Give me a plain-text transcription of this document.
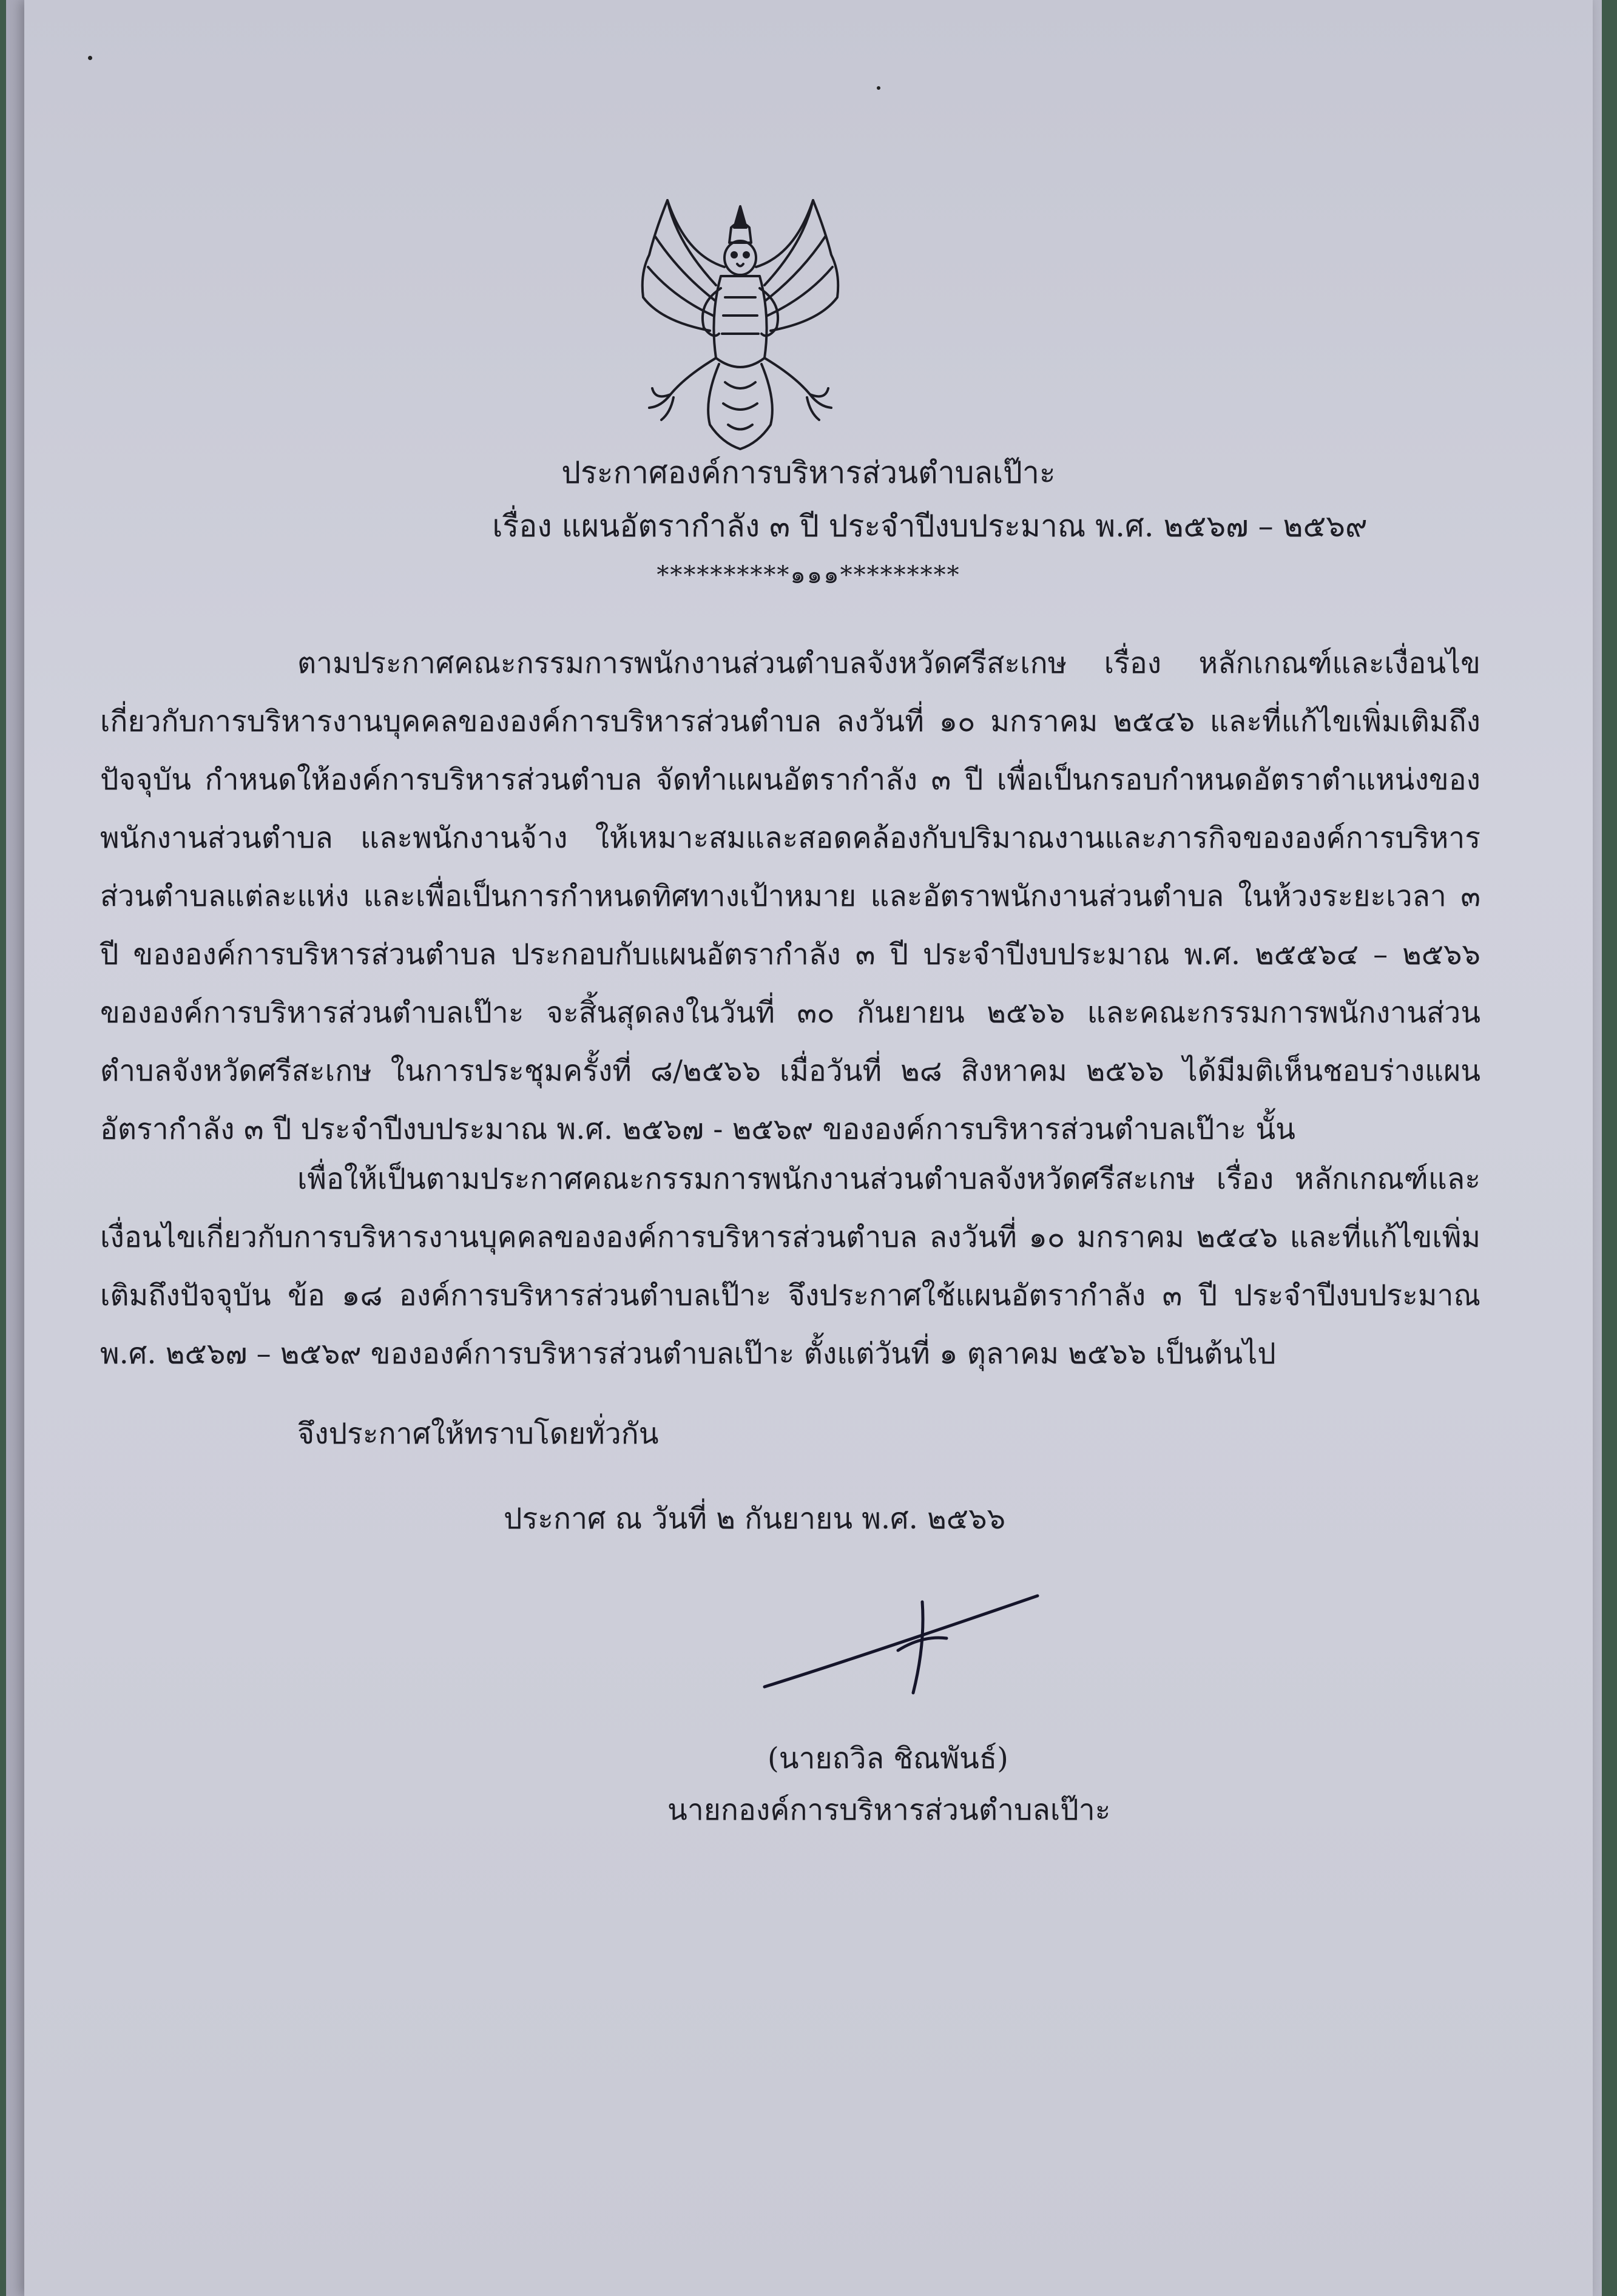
ประกาศองค์การบริหารส่วนตำบลเป๊าะ
เรื่อง แผนอัตรากำลัง ๓ ปี ประจำปีงบประมาณ พ.ศ. ๒๕๖๗ – ๒๕๖๙
**********๑๑๑*********

ตามประกาศคณะกรรมการพนักงานส่วนตำบลจังหวัดศรีสะเกษ เรื่อง หลักเกณฑ์และเงื่อนไขเกี่ยวกับการบริหารงานบุคคลขององค์การบริหารส่วนตำบล ลงวันที่ ๑๐ มกราคม ๒๕๔๖ และที่แก้ไขเพิ่มเติมถึงปัจจุบัน กำหนดให้องค์การบริหารส่วนตำบล จัดทำแผนอัตรากำลัง ๓ ปี เพื่อเป็นกรอบกำหนดอัตราตำแหน่งของพนักงานส่วนตำบล และพนักงานจ้าง ให้เหมาะสมและสอดคล้องกับปริมาณงานและภารกิจขององค์การบริหารส่วนตำบลแต่ละแห่ง และเพื่อเป็นการกำหนดทิศทางเป้าหมาย และอัตราพนักงานส่วนตำบล ในห้วงระยะเวลา ๓ ปี ขององค์การบริหารส่วนตำบล ประกอบกับแผนอัตรากำลัง ๓ ปี ประจำปีงบประมาณ พ.ศ. ๒๕๕๖๔ – ๒๕๖๖ ขององค์การบริหารส่วนตำบลเป๊าะ จะสิ้นสุดลงในวันที่ ๓๐ กันยายน ๒๕๖๖ และคณะกรรมการพนักงานส่วนตำบลจังหวัดศรีสะเกษ ในการประชุมครั้งที่ ๘/๒๕๖๖ เมื่อวันที่ ๒๘ สิงหาคม ๒๕๖๖ ได้มีมติเห็นชอบร่างแผนอัตรากำลัง ๓ ปี ประจำปีงบประมาณ พ.ศ. ๒๕๖๗ - ๒๕๖๙ ขององค์การบริหารส่วนตำบลเป๊าะ นั้น

เพื่อให้เป็นตามประกาศคณะกรรมการพนักงานส่วนตำบลจังหวัดศรีสะเกษ เรื่อง หลักเกณฑ์และเงื่อนไขเกี่ยวกับการบริหารงานบุคคลขององค์การบริหารส่วนตำบล ลงวันที่ ๑๐ มกราคม ๒๕๔๖ และที่แก้ไขเพิ่มเติมถึงปัจจุบัน ข้อ ๑๘ องค์การบริหารส่วนตำบลเป๊าะ จึงประกาศใช้แผนอัตรากำลัง ๓ ปี ประจำปีงบประมาณ พ.ศ. ๒๕๖๗ – ๒๕๖๙ ขององค์การบริหารส่วนตำบลเป๊าะ ตั้งแต่วันที่ ๑ ตุลาคม ๒๕๖๖ เป็นต้นไป

จึงประกาศให้ทราบโดยทั่วกัน
ประกาศ ณ วันที่ ๒ กันยายน พ.ศ. ๒๕๖๖
(นายถวิล ชิณพันธ์)
นายกองค์การบริหารส่วนตำบลเป๊าะ
